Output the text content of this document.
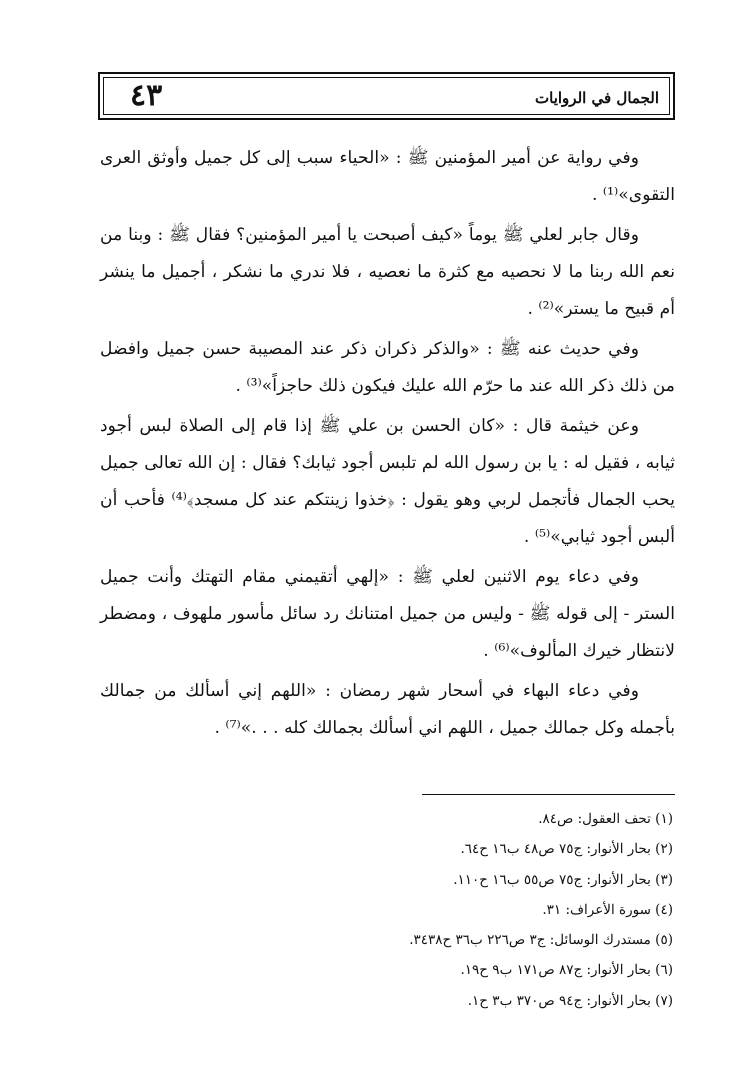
٤٣	الجمال في الروايات

وفي رواية عن أمير المؤمنين ﷺ : «الحياء سبب إلى كل جميل وأوثق العرى التقوى»⁽¹⁾ .

وقال جابر لعلي ﷺ يوماً «كيف أصبحت يا أمير المؤمنين؟ فقال ﷺ : وبنا من نعم الله ربنا ما لا نحصيه مع كثرة ما نعصيه ، فلا ندري ما نشكر ، أجميل ما ينشر أم قبيح ما يستر»⁽²⁾ .

وفي حديث عنه ﷺ : «والذكر ذكران ذكر عند المصيبة حسن جميل وافضل من ذلك ذكر الله عند ما حرّم الله عليك فيكون ذلك حاجزاً»⁽³⁾ .

وعن خيثمة قال : «كان الحسن بن علي ﷺ إذا قام إلى الصلاة لبس أجود ثيابه ، فقيل له : يا بن رسول الله لم تلبس أجود ثيابك؟ فقال : إن الله تعالى جميل يحب الجمال فأتجمل لربي وهو يقول : ﴿خذوا زينتكم عند كل مسجد﴾⁽⁴⁾ فأحب أن ألبس أجود ثيابي»⁽⁵⁾ .

وفي دعاء يوم الاثنين لعلي ﷺ : «إلهي أتقيمني مقام التهتك وأنت جميل الستر - إلى قوله ﷺ - وليس من جميل امتنانك رد سائل مأسور ملهوف ، ومضطر لانتظار خيرك المألوف»⁽⁶⁾ .

وفي دعاء البهاء في أسحار شهر رمضان : «اللهم إني أسألك من جمالك بأجمله وكل جمالك جميل ، اللهم اني أسألك بجمالك كله . . .»⁽⁷⁾ .

(١) تحف العقول: ص٨٤.
(٢) بحار الأنوار: ج٧٥ ص٤٨ ب١٦ ح٦٤.
(٣) بحار الأنوار: ج٧٥ ص٥٥ ب١٦ ح١١٠.
(٤) سورة الأعراف: ٣١.
(٥) مستدرك الوسائل: ج٣ ص٢٢٦ ب٣٦ ح٣٤٣٨.
(٦) بحار الأنوار: ج٨٧ ص١٧١ ب٩ ح١٩.
(٧) بحار الأنوار: ج٩٤ ص٣٧٠ ب٣ ح١.
